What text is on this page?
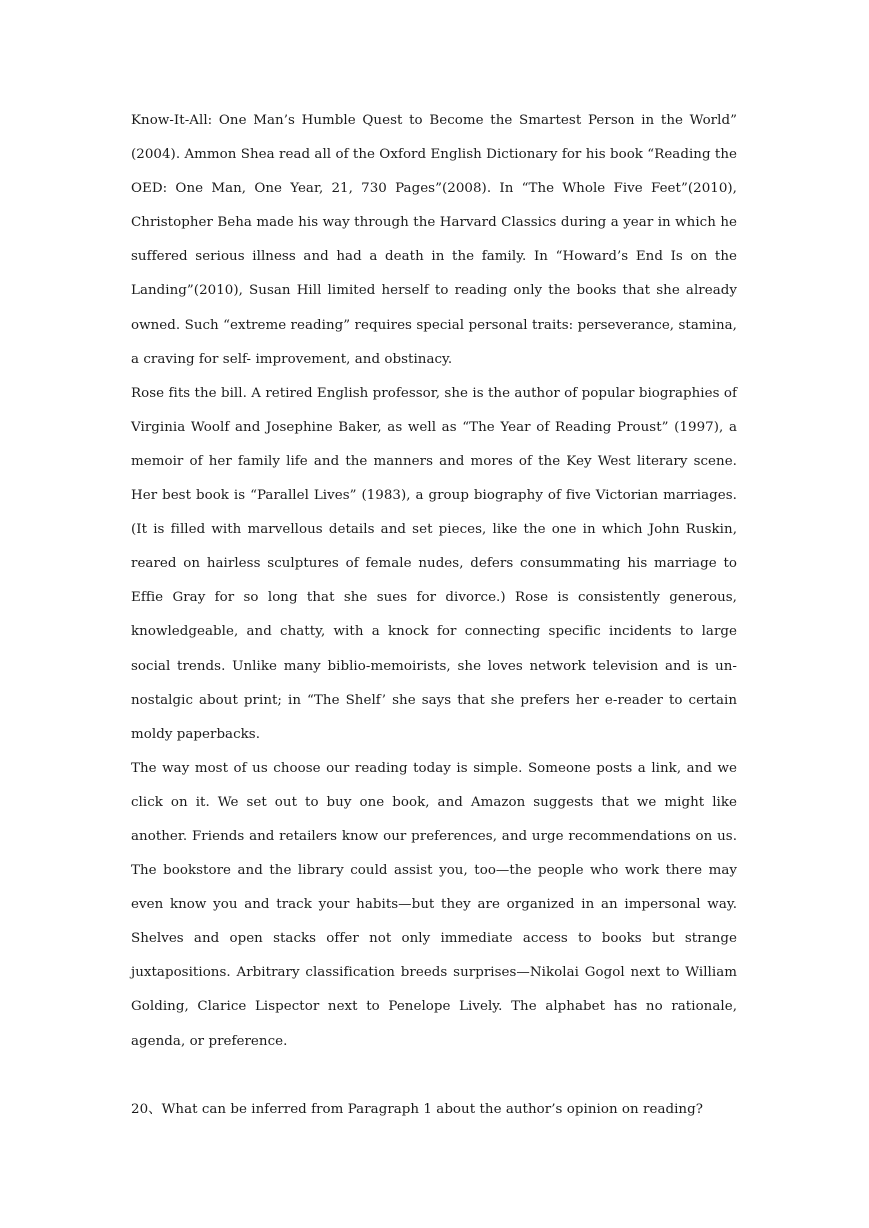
Know-It-All: One Man’s Humble Quest to Become the Smartest Person in the World” (2004). Ammon Shea read all of the Oxford English Dictionary for his book “Reading the OED: One Man, One Year, 21, 730 Pages”(2008). In “The Whole Five Feet”(2010), Christopher Beha made his way through the Harvard Classics during a year in which he suffered serious illness and had a death in the family. In “Howard’s End Is on the Landing”(2010), Susan Hill limited herself to reading only the books that she already owned. Such “extreme reading” requires special personal traits: perseverance, stamina, a craving for self- improvement, and obstinacy.

Rose fits the bill. A retired English professor, she is the author of popular biographies of Virginia Woolf and Josephine Baker, as well as “The Year of Reading Proust” (1997), a memoir of her family life and the manners and mores of the Key West literary scene. Her best book is “Parallel Lives” (1983), a group biography of five Victorian marriages. (It is filled with marvellous details and set pieces, like the one in which John Ruskin, reared on hairless sculptures of female nudes, defers consummating his marriage to Effie Gray for so long that she sues for divorce.) Rose is consistently generous, knowledgeable, and chatty, with a knock for connecting specific incidents to large social trends. Unlike many biblio-memoirists, she loves network television and is un-nostalgic about print; in “The Shelf’ she says that she prefers her e-reader to certain moldy paperbacks.

The way most of us choose our reading today is simple. Someone posts a link, and we click on it. We set out to buy one book, and Amazon suggests that we might like another. Friends and retailers know our preferences, and urge recommendations on us. The bookstore and the library could assist you, too—the people who work there may even know you and track your habits—but they are organized in an impersonal way. Shelves and open stacks offer not only immediate access to books but strange juxtapositions. Arbitrary classification breeds surprises—Nikolai Gogol next to William Golding, Clarice Lispector next to Penelope Lively. The alphabet has no rationale, agenda, or preference.

20、What can be inferred from Paragraph 1 about the author’s opinion on reading?
